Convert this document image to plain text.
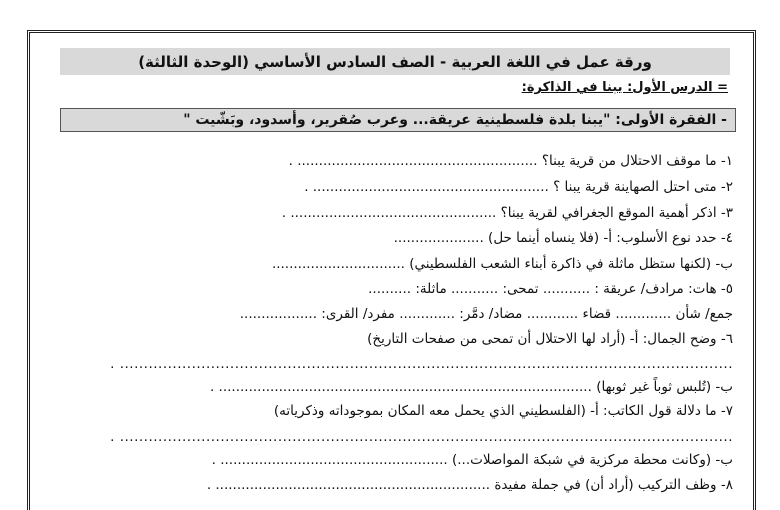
ورقة عمل في اللغة العربية - الصف السادس الأساسي (الوحدة الثالثة)
= الدرس الأول: يبنا في الذاكرة:
- الفقرة الأولى: "يبنا بلدة فلسطينية عريقة... وعرب صُقرير، وأسدود، وبَشّيت "
١- ما موقف الاحتلال من قرية يبنا؟ ........................................................ .
٢- متى احتل الصهاينة قرية يبنا ؟ ....................................................... .
٣- اذكر أهمية الموقع الجغرافي لقرية يبنا؟ ................................................ .
٤- حدد نوع الأسلوب: أ- (فلا ينساه أينما حل) .....................
ب- (لكنها ستظل ماثلة في ذاكرة أبناء الشعب الفلسطيني) ...............................
٥- هات: مرادف/ عريقة : ........... تمحى: ........... ماثلة: ..........
جمع/ شأن ............. قضاء ............ مضاد/ دمَّر: ............. مفرد/ القرى: ..................
٦- وضح الجمال: أ- (أراد لها الاحتلال أن تمحى من صفحات التاريخ)
................................................................................................................................ .
ب- (تُلبس ثوباً غير ثوبها) ....................................................................................... .
٧- ما دلالة قول الكاتب: أ- (الفلسطيني الذي يحمل معه المكان بموجوداته وذكرياته)
................................................................................................................................ .
ب- (وكانت محطة مركزية في شبكة المواصلات...) ..................................................... .
٨- وظف التركيب (أراد أن) في جملة مفيدة ................................................................ .
